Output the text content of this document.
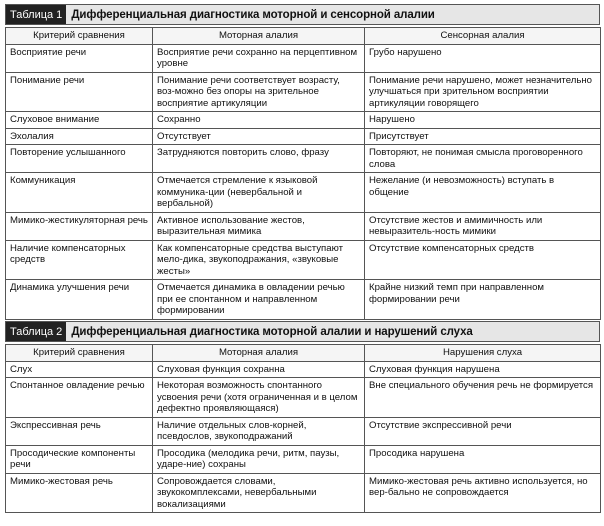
Таблица 1 Дифференциальная диагностика моторной и сенсорной алалии
Критерий сравнения	Моторная алалия	Сенсорная алалия
Восприятие речи	Восприятие речи сохранно на перцептивном уровне	Грубо нарушено
Понимание речи	Понимание речи соответствует возрасту, воз-можно без опоры на зрительное восприятие артикуляции	Понимание речи нарушено, может незначительно улучшаться при зрительном восприятии артикуляции говорящего
Слуховое внимание	Сохранно	Нарушено
Эхолалия	Отсутствует	Присутствует
Повторение услышанного	Затрудняются повторить слово, фразу	Повторяют, не понимая смысла проговоренного слова
Коммуникация	Отмечается стремление к языковой коммуника-ции (невербальной и вербальной)	Нежелание (и невозможность) вступать в общение
Мимико-жестикуляторная речь	Активное использование жестов, выразительная мимика	Отсутствие жестов и амимичность или невыразитель-ность мимики
Наличие компенсаторных средств	Как компенсаторные средства выступают мело-дика, звукоподражания, «звуковые жесты»	Отсутствие компенсаторных средств
Динамика улучшения речи	Отмечается динамика в овладении речью при ее спонтанном и направленном формировании	Крайне низкий темп при направленном формировании речи
Таблица 2 Дифференциальная диагностика моторной алалии и нарушений слуха
Критерий сравнения	Моторная алалия	Нарушения слуха
Слух	Слуховая функция сохранна	Слуховая функция нарушена
Спонтанное овладение речью	Некоторая возможность спонтанного усвоения речи (хотя ограниченная и в целом дефектно проявляющаяся)	Вне специального обучения речь не формируется
Экспрессивная речь	Наличие отдельных слов-корней, псевдослов, звукоподражаний	Отсутствие экспрессивной речи
Просодические компоненты речи	Просодика (мелодика речи, ритм, паузы, ударе-ние) сохраны	Просодика нарушена
Мимико-жестовая речь	Сопровождается словами, звукокомплексами, невербальными вокализациями	Мимико-жестовая речь активно используется, но вер-бально не сопровождается
